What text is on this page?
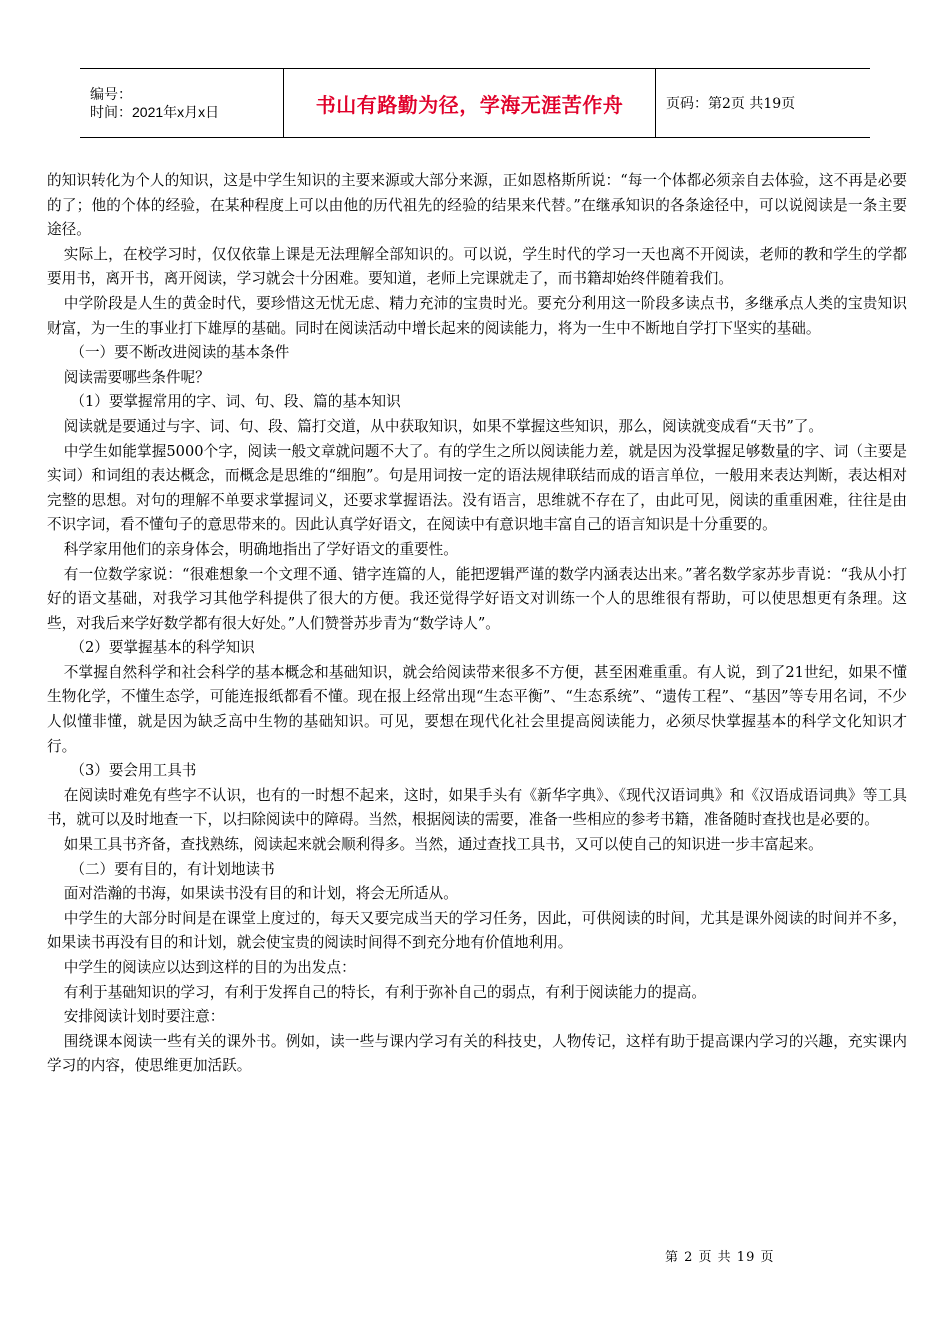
编号：
时间：2021年x月x日	书山有路勤为径，学海无涯苦作舟	页码：第2页 共19页

的知识转化为个人的知识，这是中学生知识的主要来源或大部分来源，正如恩格斯所说：“每一个体都必须亲自去体验，这不再是必要的了；他的个体的经验，在某种程度上可以由他的历代祖先的经验的结果来代替。”在继承知识的各条途径中，可以说阅读是一条主要途径。

实际上，在校学习时，仅仅依靠上课是无法理解全部知识的。可以说，学生时代的学习一天也离不开阅读，老师的教和学生的学都要用书，离开书，离开阅读，学习就会十分困难。要知道，老师上完课就走了，而书籍却始终伴随着我们。

中学阶段是人生的黄金时代，要珍惜这无忧无虑、精力充沛的宝贵时光。要充分利用这一阶段多读点书，多继承点人类的宝贵知识财富，为一生的事业打下雄厚的基础。同时在阅读活动中增长起来的阅读能力，将为一生中不断地自学打下坚实的基础。

（一）要不断改进阅读的基本条件

阅读需要哪些条件呢？

（1）要掌握常用的字、词、句、段、篇的基本知识

阅读就是要通过与字、词、句、段、篇打交道，从中获取知识，如果不掌握这些知识，那么，阅读就变成看“天书”了。

中学生如能掌握5000个字，阅读一般文章就问题不大了。有的学生之所以阅读能力差，就是因为没掌握足够数量的字、词（主要是实词）和词组的表达概念，而概念是思维的“细胞”。句是用词按一定的语法规律联结而成的语言单位，一般用来表达判断，表达相对完整的思想。对句的理解不单要求掌握词义，还要求掌握语法。没有语言，思维就不存在了，由此可见，阅读的重重困难，往往是由不识字词，看不懂句子的意思带来的。因此认真学好语文，在阅读中有意识地丰富自己的语言知识是十分重要的。

科学家用他们的亲身体会，明确地指出了学好语文的重要性。

有一位数学家说：“很难想象一个文理不通、错字连篇的人，能把逻辑严谨的数学内涵表达出来。”著名数学家苏步青说：“我从小打好的语文基础，对我学习其他学科提供了很大的方便。我还觉得学好语文对训练一个人的思维很有帮助，可以使思想更有条理。这些，对我后来学好数学都有很大好处。”人们赞誉苏步青为“数学诗人”。

（2）要掌握基本的科学知识

不掌握自然科学和社会科学的基本概念和基础知识，就会给阅读带来很多不方便，甚至困难重重。有人说，到了21世纪，如果不懂生物化学，不懂生态学，可能连报纸都看不懂。现在报上经常出现“生态平衡”、“生态系统”、“遗传工程”、“基因”等专用名词，不少人似懂非懂，就是因为缺乏高中生物的基础知识。可见，要想在现代化社会里提高阅读能力，必须尽快掌握基本的科学文化知识才行。

（3）要会用工具书

在阅读时难免有些字不认识，也有的一时想不起来，这时，如果手头有《新华字典》、《现代汉语词典》和《汉语成语词典》等工具书，就可以及时地查一下，以扫除阅读中的障碍。当然，根据阅读的需要，准备一些相应的参考书籍，准备随时查找也是必要的。

如果工具书齐备，查找熟练，阅读起来就会顺利得多。当然，通过查找工具书，又可以使自己的知识进一步丰富起来。

（二）要有目的，有计划地读书

面对浩瀚的书海，如果读书没有目的和计划，将会无所适从。

中学生的大部分时间是在课堂上度过的，每天又要完成当天的学习任务，因此，可供阅读的时间，尤其是课外阅读的时间并不多，如果读书再没有目的和计划，就会使宝贵的阅读时间得不到充分地有价值地利用。

中学生的阅读应以达到这样的目的为出发点：

有利于基础知识的学习，有利于发挥自己的特长，有利于弥补自己的弱点，有利于阅读能力的提高。

安排阅读计划时要注意：

围绕课本阅读一些有关的课外书。例如，读一些与课内学习有关的科技史，人物传记，这样有助于提高课内学习的兴趣，充实课内学习的内容，使思维更加活跃。

第 2 页 共 19 页
